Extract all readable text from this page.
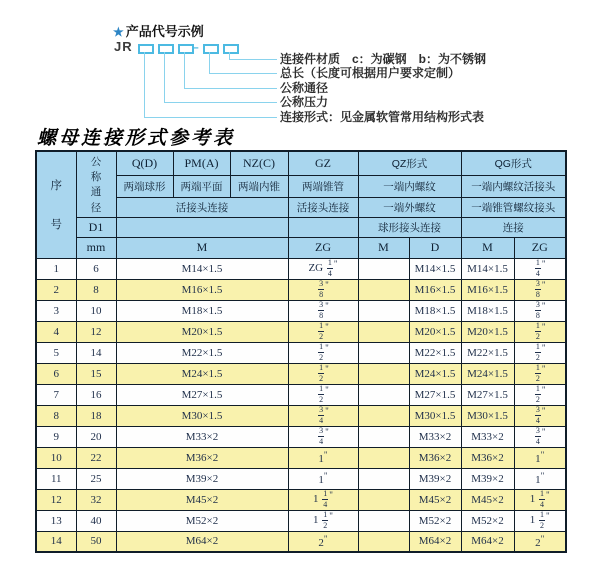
★ 产品代号示例
JR	–
连接件材质　c：为碳钢　b：为不锈钢
总长（长度可根据用户要求定制）
公称通径
公称压力
连接形式：见金属软管常用结构形式表
螺母连接形式参考表
序
号	公
称
通
径	Q(D)	PM(A)	NZ(C)	GZ	QZ形式		QG形式	
		两端球形	两端平面	两端内锥	两端锥管	一端内螺纹		一端内螺纹活接头	
		活接头连接			活接头连接	一端外螺纹		一端锥管螺纹接头	
	D1					球形接头连接		连接	
	mm	M			ZG	M	D	M	ZG
1	6	M14×1.5			ZG $\frac{1}{4} ^"$		M14×1.5	M14×1.5	$\frac{1}{4} ^"$
2	8	M16×1.5			$\frac{3}{8} ^"$		M16×1.5	M16×1.5	$\frac{3}{8} ^"$
3	10	M18×1.5			$\frac{3}{8} ^"$		M18×1.5	M18×1.5	$\frac{3}{8} ^"$
4	12	M20×1.5			$\frac{1}{2} ^"$		M20×1.5	M20×1.5	$\frac{1}{2} ^"$
5	14	M22×1.5			$\frac{1}{2} ^"$		M22×1.5	M22×1.5	$\frac{1}{2} ^"$
6	15	M24×1.5			$\frac{1}{2} ^"$		M24×1.5	M24×1.5	$\frac{1}{2} ^"$
7	16	M27×1.5			$\frac{1}{2} ^"$		M27×1.5	M27×1.5	$\frac{1}{2} ^"$
8	18	M30×1.5			$\frac{3}{4} ^"$		M30×1.5	M30×1.5	$\frac{3}{4} ^"$
9	20	M33×2			$\frac{3}{4} ^"$		M33×2	M33×2	$\frac{3}{4} ^"$
10	22	M36×2			1"		M36×2	M36×2	1"
11	25	M39×2			1"		M39×2	M39×2	1"
12	32	M45×2			$1 \frac{1}{4} ^"$		M45×2	M45×2	$1 \frac{1}{4} ^"$
13	40	M52×2			$1 \frac{1}{2} ^"$		M52×2	M52×2	$1 \frac{1}{2} ^"$
14	50	M64×2			2"		M64×2	M64×2	2"
